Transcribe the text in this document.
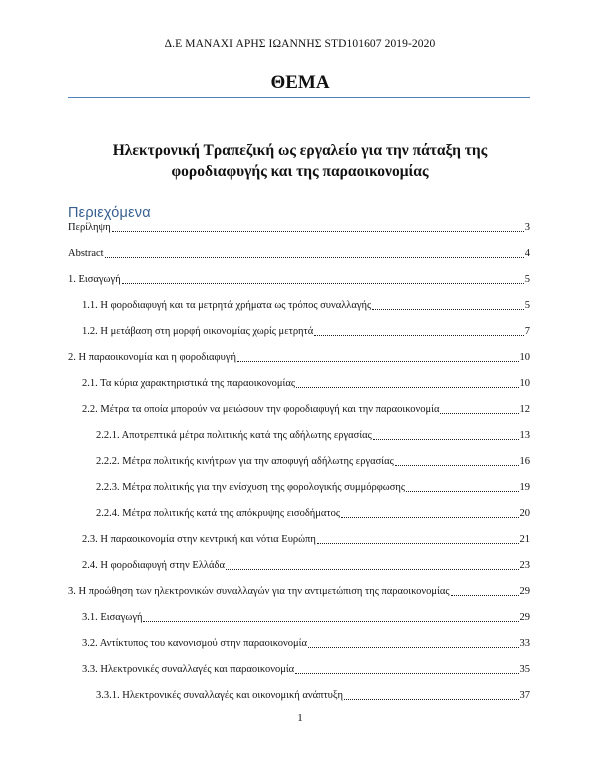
Δ.Ε ΜΑΝΑΧΙ ΑΡΗΣ ΙΩΑΝΝΗΣ STD101607 2019-2020
ΘΕΜΑ
Ηλεκτρονική Τραπεζική ως εργαλείο για την πάταξη της
φοροδιαφυγής και της παραοικονομίας
Περιεχόμενα
Περίληψη	3
Abstract	4
1. Εισαγωγή	5
1.1. Η φοροδιαφυγή και τα μετρητά χρήματα ως τρόπος συναλλαγής	5
1.2. Η μετάβαση στη μορφή οικονομίας χωρίς μετρητά	7
2. Η παραοικονομία και η φοροδιαφυγή	10
2.1. Τα κύρια χαρακτηριστικά της παραοικονομίας	10
2.2. Μέτρα τα οποία μπορούν να μειώσουν την φοροδιαφυγή και την παραοικονομία	12
2.2.1. Αποτρεπτικά μέτρα πολιτικής κατά της αδήλωτης εργασίας	13
2.2.2. Μέτρα πολιτικής κινήτρων για την αποφυγή αδήλωτης εργασίας	16
2.2.3. Μέτρα πολιτικής για την ενίσχυση της φορολογικής συμμόρφωσης	19
2.2.4. Μέτρα πολιτικής κατά της απόκρυψης εισοδήματος	20
2.3. Η παραοικονομία στην κεντρική και νότια Ευρώπη	21
2.4. Η φοροδιαφυγή στην Ελλάδα	23
3. Η προώθηση των ηλεκτρονικών συναλλαγών για την αντιμετώπιση της παραοικονομίας	29
3.1. Εισαγωγή	29
3.2. Αντίκτυπος του κανονισμού στην παραοικονομία	33
3.3. Ηλεκτρονικές συναλλαγές και παραοικονομία	35
3.3.1. Ηλεκτρονικές συναλλαγές και οικονομική ανάπτυξη	37
1
